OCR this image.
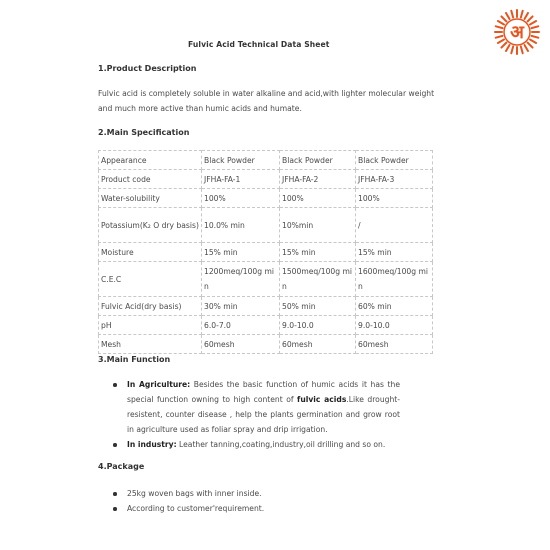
अ
Fulvic Acid Technical Data Sheet
1.Product Description
Fulvic acid is completely soluble in water alkaline and acid,with lighter molecular weight and much more active than humic acids and humate.
2.Main Specification
Appearance	Black Powder	Black Powder	Black Powder
Product code	JFHA-FA-1	JFHA-FA-2	JFHA-FA-3
Water-solubility	100%	100%	100%
Potassium(K₂ O dry basis)	10.0% min	10%min	/
Moisture	15% min	15% min	15% min
C.E.C	1200meq/100g min	1500meq/100g min	1600meq/100g min
Fulvic Acid(dry basis)	30% min	50% min	60% min
pH	6.0-7.0	9.0-10.0	9.0-10.0
Mesh	60mesh	60mesh	60mesh
3.Main Function
In Agriculture: Besides the basic function of humic acids it has the special function owning to high content of fulvic acids.Like drought-resistent, counter disease , help the plants germination and grow root in agriculture used as foliar spray and drip irrigation.
In industry: Leather tanning,coating,industry,oil drilling and so on.
4.Package
25kg woven bags with inner inside.
According to customer'requirement.
